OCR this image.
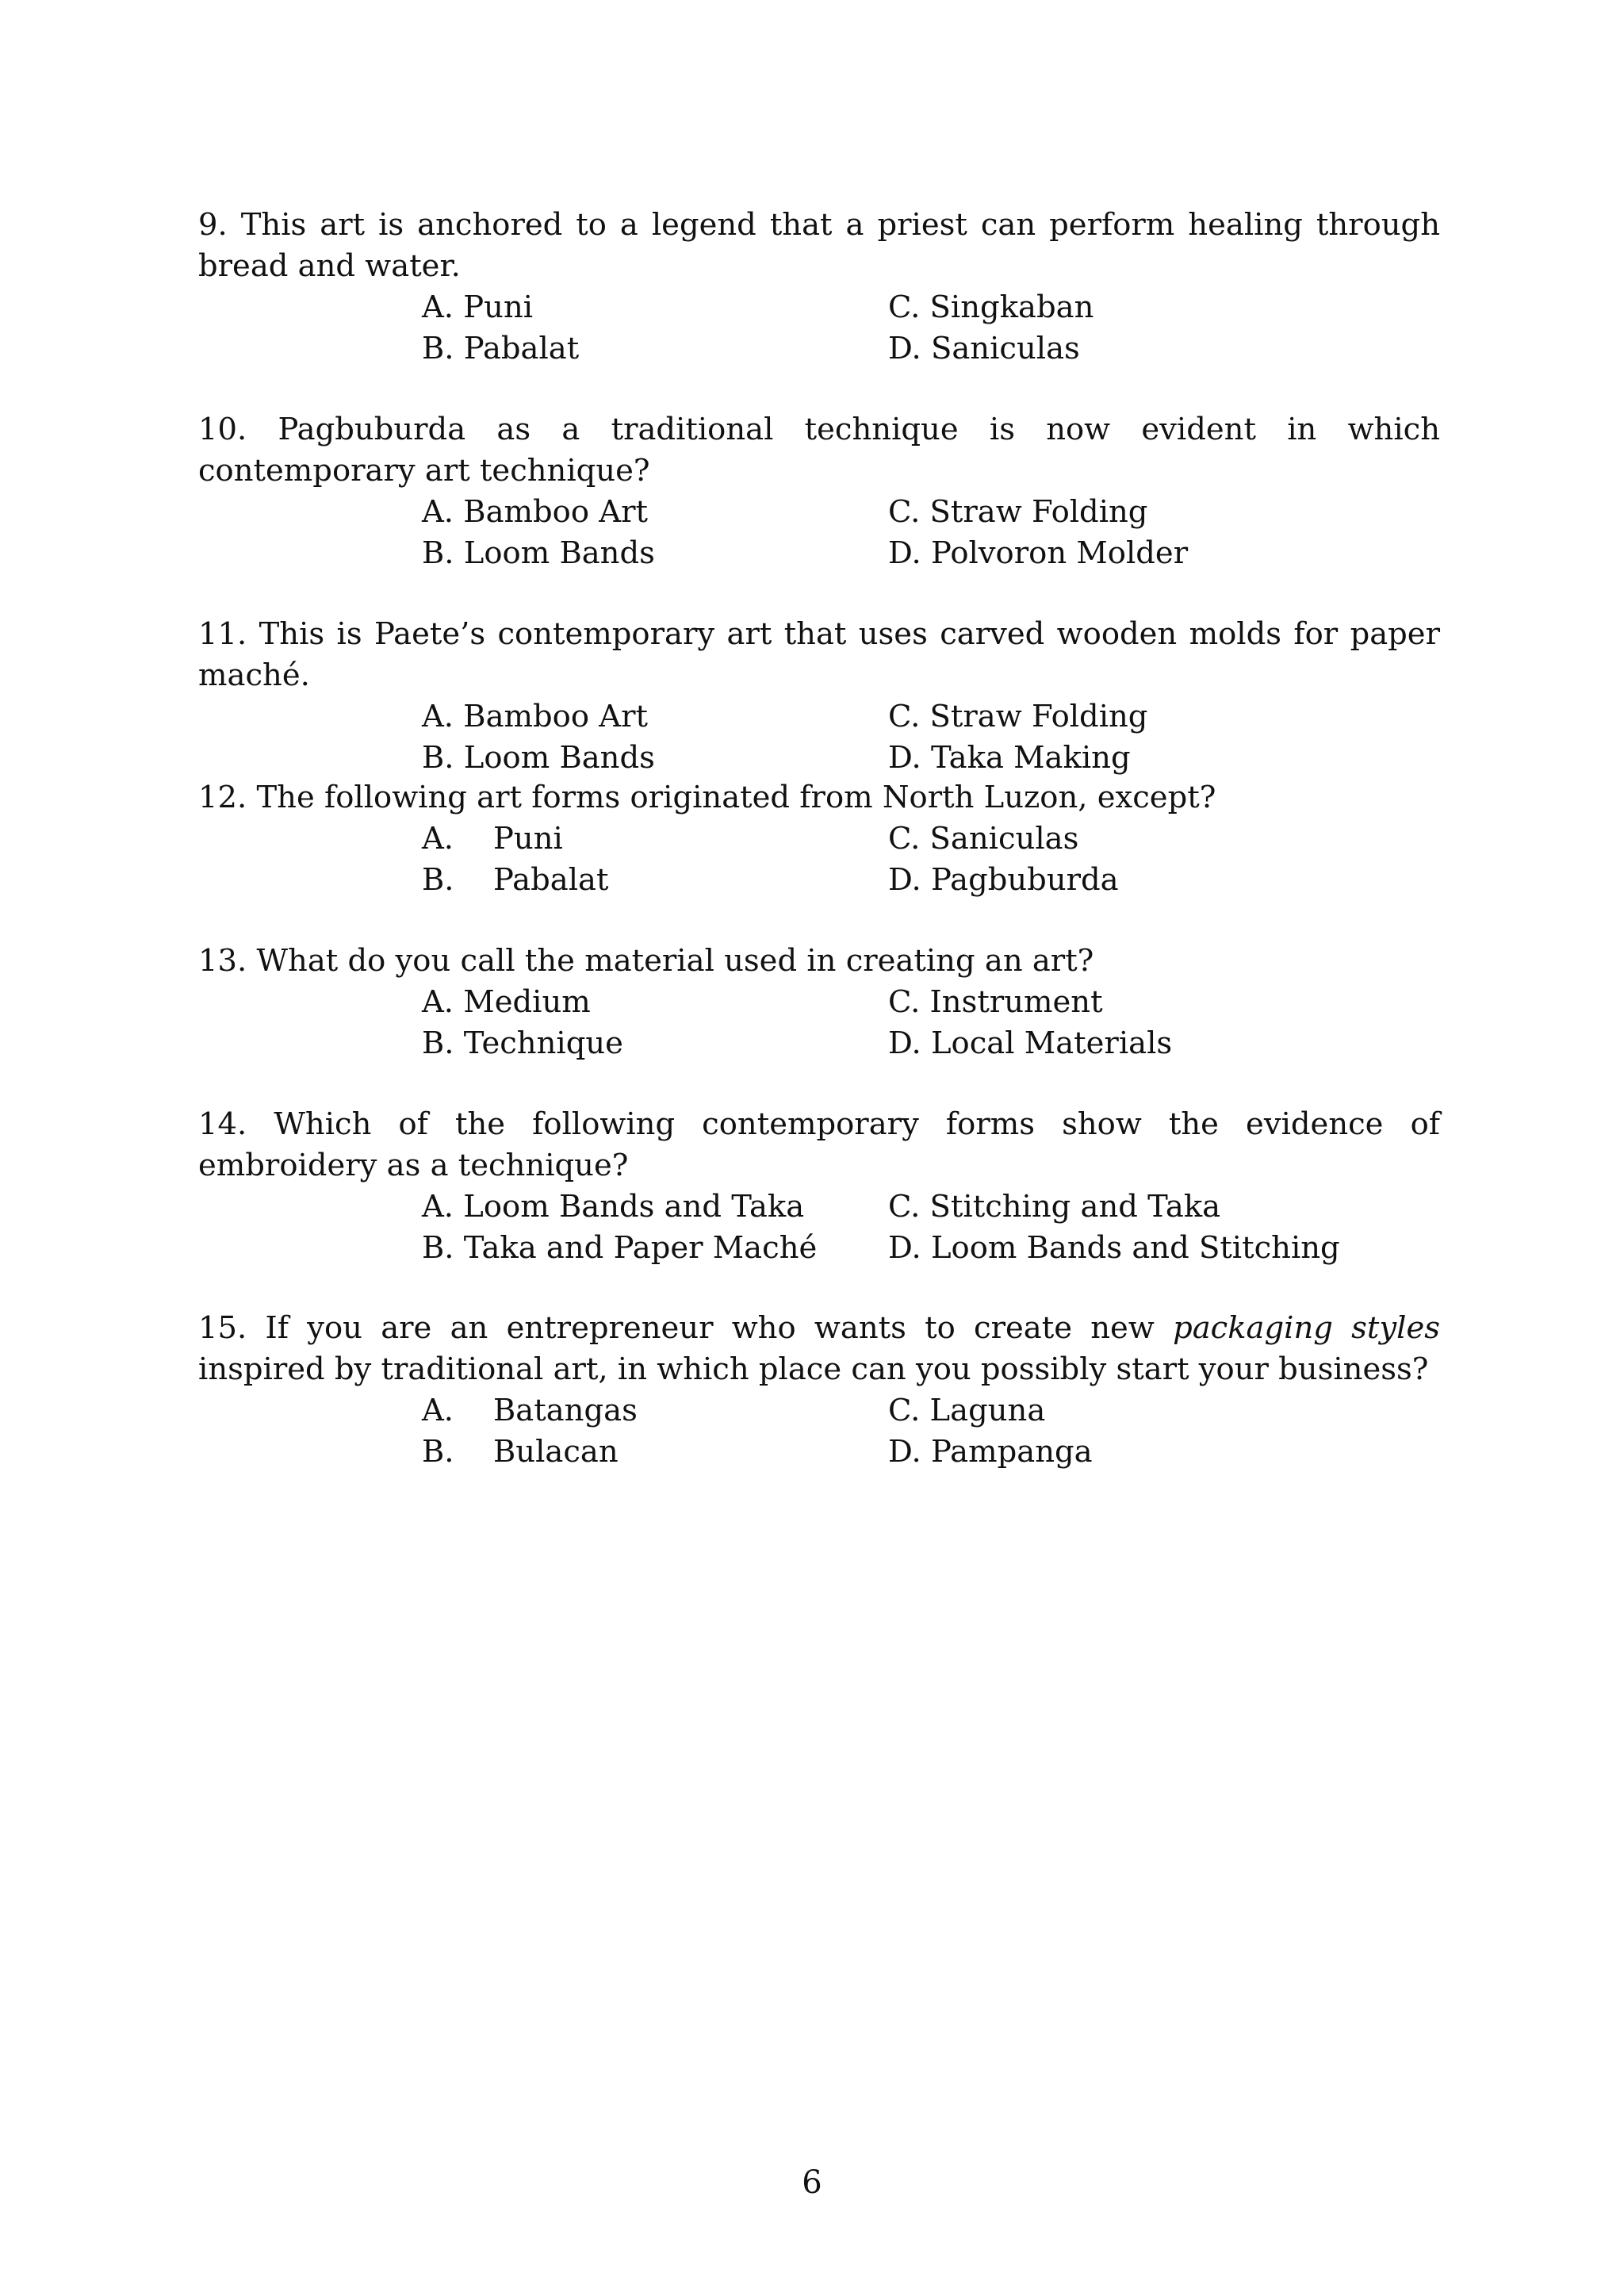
9. This art is anchored to a legend that a priest can perform healing through bread and water.

A. Puni	C. Singkaban
B. Pabalat	D. Saniculas

10. Pagbuburda as a traditional technique is now evident in which contemporary art technique?

A. Bamboo Art	C. Straw Folding
B. Loom Bands	D. Polvoron Molder

11. This is Paete’s contemporary art that uses carved wooden molds for paper maché.

A. Bamboo Art	C. Straw Folding
B. Loom Bands	D. Taka Making

12. The following art forms originated from North Luzon, except?

A. Puni	C. Saniculas
B. Pabalat	D. Pagbuburda

13. What do you call the material used in creating an art?

A. Medium	C. Instrument
B. Technique	D. Local Materials

14. Which of the following contemporary forms show the evidence of embroidery as a technique?

A. Loom Bands and Taka	C. Stitching and Taka
B. Taka and Paper Maché D. Loom Bands and Stitching

15. If you are an entrepreneur who wants to create new packaging styles inspired by traditional art, in which place can you possibly start your business?

A. Batangas	C. Laguna
B. Bulacan	D. Pampanga
6
